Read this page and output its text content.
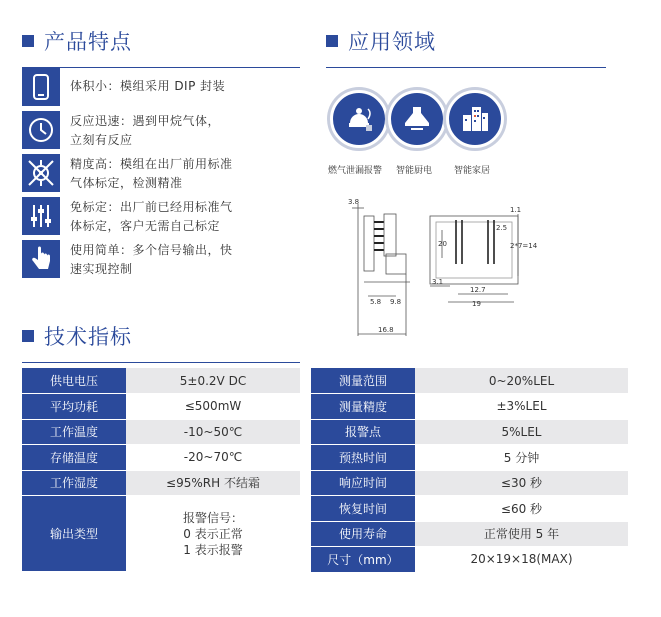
产品特点	应用领域
体积小：模组采用 DIP 封装
反应迅速：遇到甲烷气体，
立刻有反应
精度高：模组在出厂前用标准
气体标定，检测精准
免标定：出厂前已经用标准气
体标定，客户无需自己标定
使用简单：多个信号输出，快
速实现控制
燃气泄漏报警 智能厨电 智能家居
3.8
5.8 9.8
16.8
1.1
20
2.5
2*7=14
3.1
12.7
19
技术指标
供电电压	5±0.2V DC
平均功耗	≤500mW
工作温度	-10~50℃
存储温度	-20~70℃
工作湿度	≤95%RH 不结霜
输出类型	报警信号：
0 表示正常
1 表示报警
测量范围	0~20%LEL
测量精度	±3%LEL
报警点	5%LEL
预热时间	5 分钟
响应时间	≤30 秒
恢复时间	≤60 秒
使用寿命	正常使用 5 年
尺寸（mm）	20×19×18(MAX)
